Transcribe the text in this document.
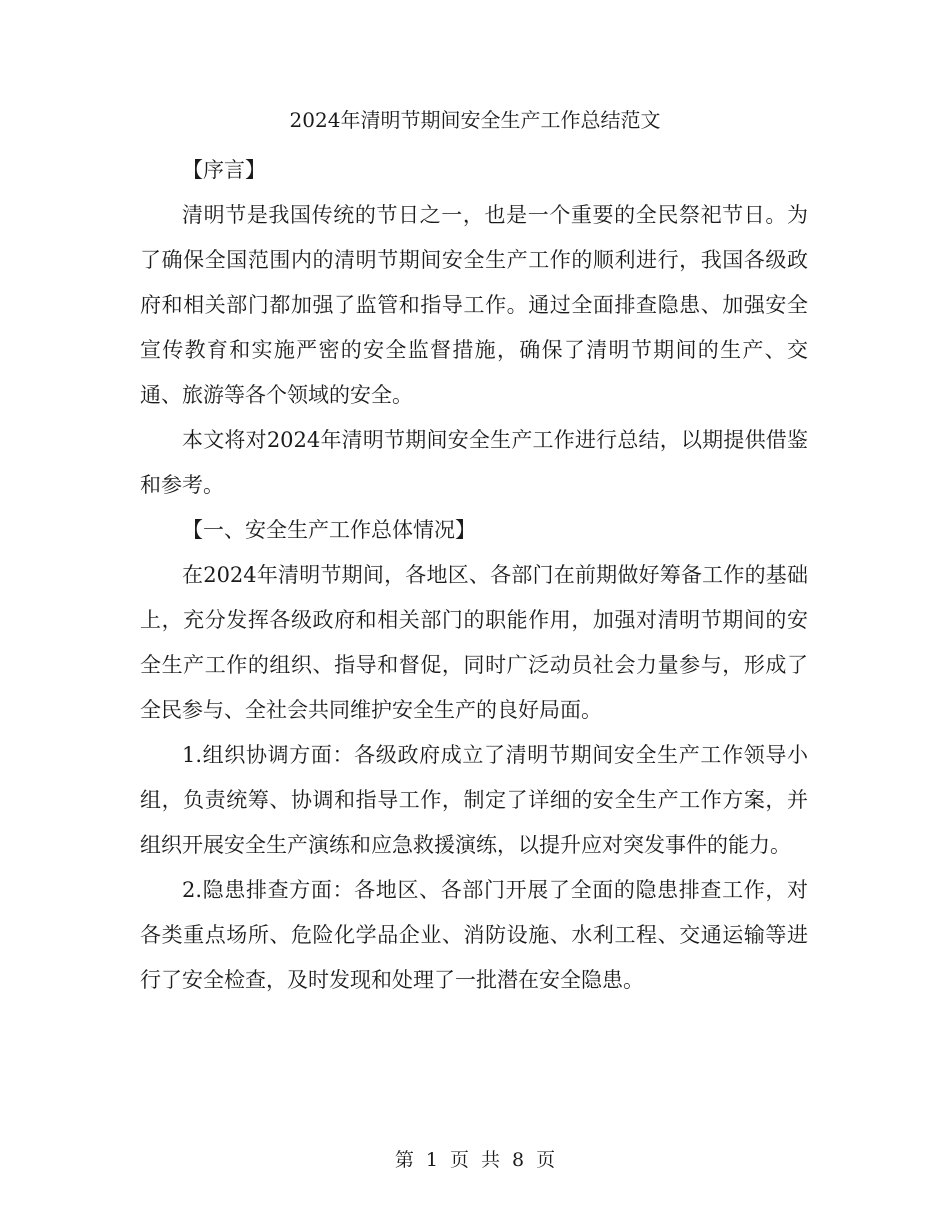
2024年清明节期间安全生产工作总结范文

【序言】

清明节是我国传统的节日之一，也是一个重要的全民祭祀节日。为了确保全国范围内的清明节期间安全生产工作的顺利进行，我国各级政府和相关部门都加强了监管和指导工作。通过全面排查隐患、加强安全宣传教育和实施严密的安全监督措施，确保了清明节期间的生产、交通、旅游等各个领域的安全。

本文将对2024年清明节期间安全生产工作进行总结，以期提供借鉴和参考。

【一、安全生产工作总体情况】

在2024年清明节期间，各地区、各部门在前期做好筹备工作的基础上，充分发挥各级政府和相关部门的职能作用，加强对清明节期间的安全生产工作的组织、指导和督促，同时广泛动员社会力量参与，形成了全民参与、全社会共同维护安全生产的良好局面。

1.组织协调方面：各级政府成立了清明节期间安全生产工作领导小组，负责统筹、协调和指导工作，制定了详细的安全生产工作方案，并组织开展安全生产演练和应急救援演练，以提升应对突发事件的能力。

2.隐患排查方面：各地区、各部门开展了全面的隐患排查工作，对各类重点场所、危险化学品企业、消防设施、水利工程、交通运输等进行了安全检查，及时发现和处理了一批潜在安全隐患。

第 1 页 共 8 页
